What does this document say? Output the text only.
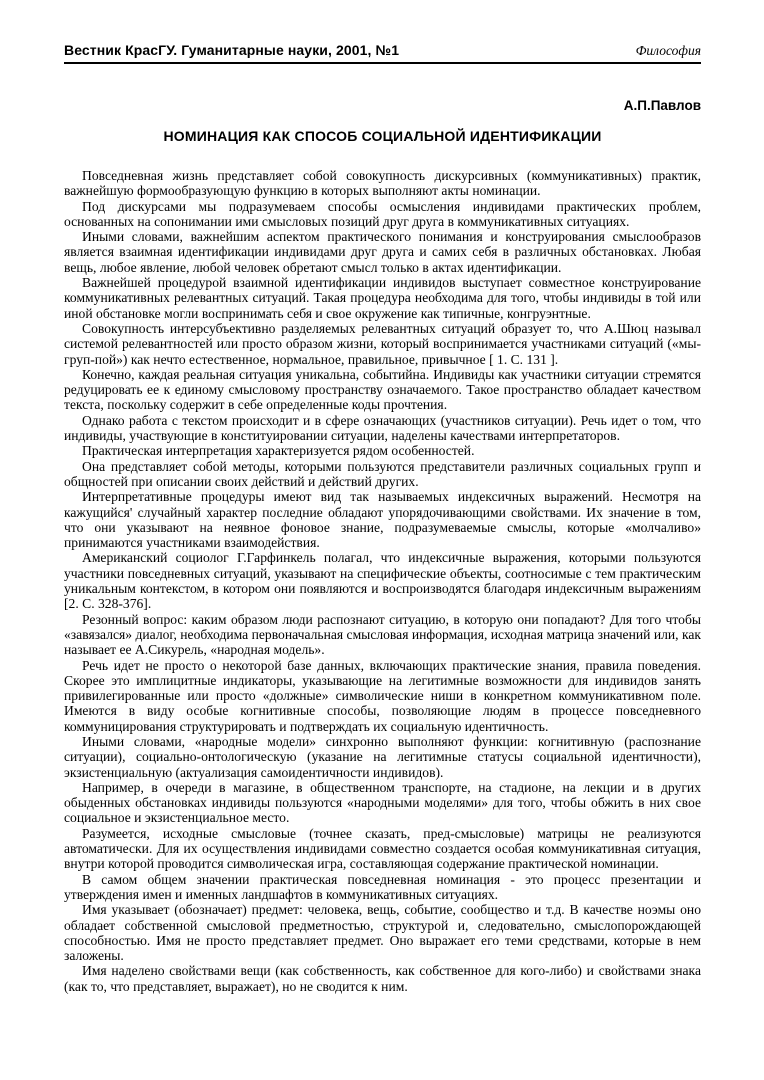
Вестник КрасГУ. Гуманитарные науки, 2001, №1	Философия
А.П.Павлов
НОМИНАЦИЯ КАК СПОСОБ СОЦИАЛЬНОЙ ИДЕНТИФИКАЦИИ

Повседневная жизнь представляет собой совокупность дискурсивных (коммуникативных) практик, важнейшую формообразующую функцию в которых выполняют акты номинации.

Под дискурсами мы подразумеваем способы осмысления индивидами практических проблем, основанных на сопонимании ими смысловых позиций друг друга в коммуникативных ситуациях.

Иными словами, важнейшим аспектом практического понимания и конструирования смыслообразов является взаимная идентификации индивидами друг друга и самих себя в различных обстановках. Любая вещь, любое явление, любой человек обретают смысл только в актах идентификации.

Важнейшей процедурой взаимной идентификации индивидов выступает совместное конструирование коммуникативных релевантных ситуаций. Такая процедура необходима для того, чтобы индивиды в той или иной обстановке могли воспринимать себя и свое окружение как типичные, конгруэнтные.

Совокупность интерсубъективно разделяемых релевантных ситуаций образует то, что А.Шюц называл системой релевантностей или просто образом жизни, который воспринимается участниками ситуаций («мы-груп-пой») как нечто естественное, нормальное, правильное, привычное [ 1. С. 131 ].

Конечно, каждая реальная ситуация уникальна, событийна. Индивиды как участники ситуации стремятся редуцировать ее к единому смысловому пространству означаемого. Такое пространство обладает качеством текста, поскольку содержит в себе определенные коды прочтения.

Однако работа с текстом происходит и в сфере означающих (участников ситуации). Речь идет о том, что индивиды, участвующие в конституировании ситуации, наделены качествами интерпретаторов.

Практическая интерпретация характеризуется рядом особенностей.

Она представляет собой методы, которыми пользуются представители различных социальных групп и общностей при описании своих действий и действий других.

Интерпретативные процедуры имеют вид так называемых индексичных выражений. Несмотря на кажущийся' случайный характер последние обладают упорядочивающими свойствами. Их значение в том, что они указывают на неявное фоновое знание, подразумеваемые смыслы, которые «молчаливо» принимаются участниками взаимодействия.

Американский социолог Г.Гарфинкель полагал, что индексичные выражения, которыми пользуются участники повседневных ситуаций, указывают на специфические объекты, соотносимые с тем практическим уникальным контекстом, в котором они появляются и воспроизводятся благодаря индексичным выражениям [2. С. 328-376].

Резонный вопрос: каким образом люди распознают ситуацию, в которую они попадают? Для того чтобы «завязался» диалог, необходима первоначальная смысловая информация, исходная матрица значений или, как называет ее А.Сикурель, «народная модель».

Речь идет не просто о некоторой базе данных, включающих практические знания, правила поведения. Скорее это имплицитные индикаторы, указывающие на легитимные возможности для индивидов занять привилегированные или просто «должные» символические ниши в конкретном коммуникативном поле. Имеются в виду особые когнитивные способы, позволяющие людям в процессе повседневного коммуницирования структурировать и подтверждать их социальную идентичность.

Иными словами, «народные модели» синхронно выполняют функции: когнитивную (распознание ситуации), социально-онтологическую (указание на легитимные статусы социальной идентичности), экзистенциальную (актуализация самоидентичности индивидов).

Например, в очереди в магазине, в общественном транспорте, на стадионе, на лекции и в других обыденных обстановках индивиды пользуются «народными моделями» для того, чтобы обжить в них свое социальное и экзистенциальное место.

Разумеется, исходные смысловые (точнее сказать, пред-смысловые) матрицы не реализуются автоматически. Для их осуществления индивидами совместно создается особая коммуникативная ситуация, внутри которой проводится символическая игра, составляющая содержание практической номинации.

В самом общем значении практическая повседневная номинация - это процесс презентации и утверждения имен и именных ландшафтов в коммуникативных ситуациях.

Имя указывает (обозначает) предмет: человека, вещь, событие, сообщество и т.д. В качестве ноэмы оно обладает собственной смысловой предметностью, структурой и, следовательно, смыслопорождающей способностью. Имя не просто представляет предмет. Оно выражает его теми средствами, которые в нем заложены.

Имя наделено свойствами вещи (как собственность, как собственное для кого-либо) и свойствами знака (как то, что представляет, выражает), но не сводится к ним.
